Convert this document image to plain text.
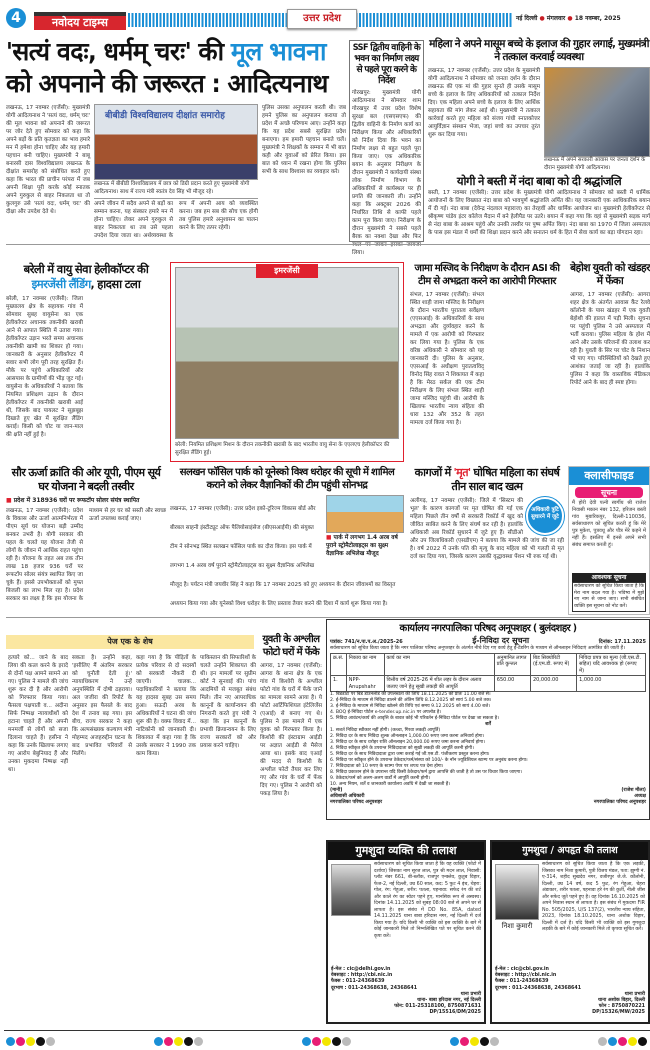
4	नवोदय टाइम्स	उत्तर प्रदेश	नई दिल्ली ● मंगलवार ● 18 नवम्बर, 2025
'सत्यं वदः, धर्मम् चरः' की मूल भावना
को अपनाने की जरूरत : आदित्यनाथ
लखनऊ, 17 नवम्बर (एजेंसी): मुख्यमंत्री योगी आदित्यनाथ ने 'सत्यं वदः, धर्मम् चरः' की मूल भावना को अपनाने की जरूरत पर जोर देते हुए सोमवार को कहा कि अपने बड़ों के प्रति कृतज्ञता का भाव हमारे मन में हमेशा होना चाहिए और यह हमारी पहचान बनी चाहिए। मुख्यमंत्री ने बाबू बनारसी दास विश्वविद्यालय लखनऊ के दीक्षांत समारोह को संबोधित करते हुए कहा कि भारत की प्राचीन परंपरा में जब अपनी शिक्षा पूरी करके कोई स्नातक अपने गुरुकुल से बाहर निकलता था तो कुलगुरु उसे 'सत्यं वदः, धर्मम् चरः' की दीक्षा और उपदेश देते थे।
बीबीडी विश्वविद्यालय दीक्षांत समारोह
लखनऊ में बीबीडी विश्वविद्यालय में छात्र को डिग्री प्रदान करते हुए मुख्यमंत्री योगी आदित्यनाथ। साथ में राज्य मंत्री स्वतंत्र देव सिंह भी मौजूद रहे।
अपने जीवन में सदैव अपने से बड़ों का सम्मान करना, यह संस्कार हमारे मन में होना चाहिए। लेकर अपने गुरुकुल से बाहर निकलता था तब उसे पहला उपदेश दिया जाता था। अर्थव्यवस्था के रूप में अपनी आय को व्यवस्थित करना। जब हम सब की सोच एक होगी तब पुलिस हमारे अनुशासन का पालन करने के लिए तत्पर रहेगी।
पुलिस उसका अनुपालन करती थी। जब हमने पुलिस का अनुपालन कराया तो प्रदेश में अच्छे परिणाम आए। उन्होंने कहा कि यह प्रदेश सबसे सुरक्षित प्रदेश बनाएगा। हम हमारी पहचान बनाते चलें। मुख्यमंत्री ने शिक्षकों के सम्मान में भी बात कही और युवाओं को प्रेरित किया। इस बात को ध्यान में रखना होगा कि पुलिस सभी के साथ विश्वास का व्यवहार करे।
SSF द्वितीय वाहिनी के भवन का निर्माण लक्ष्य से पहले पूरा करने के निर्देश
गोरखपुर: मुख्यमंत्री योगी आदित्यनाथ ने सोमवार शाम गोरखपुर में उत्तर प्रदेश विशेष सुरक्षा बल (एसएसएफ) की द्वितीय वाहिनी के निर्माण कार्य का निरीक्षण किया और अधिकारियों को निर्देश दिया कि भवन का निर्माण लक्ष्य से बहुत पहले पूरा किया जाए। एक अधिकारिक बयान के अनुसार निरीक्षण के दौरान मुख्यमंत्री ने कार्यदायी संस्था लोक निर्माण विभाग के अधिकारियों से कार्यस्थल पर ही प्रगति की जानकारी ली। उन्होंने कहा कि अक्टूबर 2026 की निर्धारित तिथि से काफी पहले काम पूरा किया जाए। निरीक्षण के दौरान मुख्यमंत्री ने सबसे पहले बैरक का नक्शा देखा और फिर स्थल पर जाकर इसका जायजा लिया।
महिला ने अपने मासूम बच्चे के इलाज की गुहार लगाई, मुख्यमंत्री ने तत्काल करवाई व्यवस्था
लखनऊ, 17 नवम्बर (एजेंसी): उत्तर प्रदेश के मुख्यमंत्री योगी आदित्यनाथ ने सोमवार को जनता दर्शन के दौरान लखनऊ की एक मां की गुहार सुनते ही उसके मासूम बच्चे के इलाज के लिए अधिकारियों को तत्काल निर्देश दिए। एक महिला अपने बच्चे के इलाज के लिए आर्थिक सहायता की मांग लेकर आई थी। मुख्यमंत्री ने तत्काल कार्रवाई करते हुए महिला को संजय गांधी स्नातकोत्तर आयुर्विज्ञान संस्थान भेजा, जहां बच्चे का उपचार तुरंत शुरू कर दिया गया।
लखनऊ में अपने सरकारी आवास पर जनता दर्शन के दौरान मुख्यमंत्री योगी आदित्यनाथ।
योगी ने बस्ती में नंदा बाबा को दी श्रद्धांजलि
बस्ती, 17 नवम्बर (एजेंसी): उत्तर प्रदेश के मुख्यमंत्री योगी आदित्यनाथ ने सोमवार को बस्ती में धार्मिक आयोजनों के लिए विख्यात नंदा बाबा को भावपूर्ण श्रद्धांजलि अर्पित की। यह जानकारी एक आधिकारिक बयान में दी गई। नंदा बाबा (देवेन्द्र नंदलाल महाराज) का तेरहवीं और धार्मिक आयोजन था। मुख्यमंत्री हेलीकॉप्टर से श्रीकृष्ण पांडेय इंटर कॉलेज मैदान में बने हेलीपैड पर उतरे। बयान में कहा गया कि वहां से मुख्यमंत्री सड़क मार्ग से नंदा बाबा के आश्रम पहुंचे और उनकी तस्वीर पर पुष्प अर्पित किए। नंदा बाबा का 1970 में जिला अस्पताल के पास इस मंडल में धर्मों की शिक्षा प्रदान करने और सनातन धर्म के हित में सेवा कार्य का बड़ा योगदान रहा।
बरेली में वायु सेवा हेलीकॉप्टर की
इमरजेंसी लैंडिंग, हादसा टला
बरेली, 17 नवम्बर (एजेंसी): जिला मुख्यालय क्षेत्र के सहायक गांव में सोमवार सुबह वायुसेना का एक हेलीकॉप्टर अचानक तकनीकी खराबी आने से आपात स्थिति में उतारा गया। हेलीकॉप्टर उड़ान भरते समय अचानक तकनीकी खामी का शिकार हो गया। जानकारी के अनुसार हेलीकॉप्टर में सवार सभी लोग पूरी तरह सुरक्षित हैं। मौके पर पहुंचे अधिकारियों और आसपास के ग्रामीणों की भीड़ जुट गई। वायुसेना के अधिकारियों ने बताया कि नियमित प्रशिक्षण उड़ान के दौरान हेलीकॉप्टर में तकनीकी खराबी आई थी, जिसके बाद पायलट ने सूझबूझ दिखाते हुए खेत में सुरक्षित लैंडिंग कराई। किसी को चोट या जान-माल की क्षति नहीं हुई है।
इमरजेंसी
बरेली: नियमित प्रशिक्षण मिशन के दौरान तकनीकी खराबी के बाद भारतीय वायु सेना के एएलएच हेलीकॉप्टर की सुरक्षित लैंडिंग हुई।
जामा मस्जिद के निरीक्षण के दौरान ASI की टीम से अभद्रता करने का आरोपी गिरफ्तार
संभल, 17 नवम्बर (एजेंसी): संभल स्थित शाही जामा मस्जिद के निरीक्षण के दौरान भारतीय पुरातत्व सर्वेक्षण (एएसआई) के अधिकारियों के साथ अभद्रता और दुर्व्यवहार करने के मामले में एक आरोपी को गिरफ्तार कर लिया गया है। पुलिस के एक वरिष्ठ अधिकारी ने सोमवार को यह जानकारी दी। पुलिस के अनुसार, एएसआई के अधीक्षण पुरातत्वविद् विनोद सिंह रावत ने शिकायत में कहा है कि मेरठ सर्कल की एक टीम निरीक्षण के लिए संभल स्थित शाही जामा मस्जिद पहुंची थी। आरोपी के खिलाफ भारतीय न्याय संहिता की धारा 132 और 352 के तहत मामला दर्ज किया गया है।
बेहोश युवती को खंडहर में फेंका
आगरा, 17 नवम्बर (एजेंसी): आगरा शहर क्षेत्र के अंतर्गत आवास कैंट रेलवे कॉलोनी के पास खंडहर में एक युवती बेहोशी की हालत में पड़ी मिली। सूचना पर पहुंची पुलिस ने उसे अस्पताल में भर्ती कराया। पुलिस महिला के होश में आने और उसके परिजनों की तलाश कर रही है। युवती के सिर पर चोट के निशान भी पाए गए। परिस्थितियों को देखते हुए आशंका जताई जा रही है। हालांकि पुलिस ने कहा कि वास्तविक मेडिकल रिपोर्ट आने के बाद ही स्पष्ट होगा।
सौर ऊर्जा क्रांति की ओर यूपी, पीएम सूर्य घर योजना ने बदली तस्वीर
■ प्रदेश में 318936 घरों पर रूफटॉप सोलर संयंत्र स्थापित
लखनऊ, 17 नवम्बर (एजेंसी): प्रदेश के विकास और ऊर्जा आत्मनिर्भरता में पीएम सूर्य घर योजना बड़ी उम्मीद बनकर उभरी है। योगी सरकार की पहल के चलते यह योजना तेजी से लोगों के जीवन में आर्थिक राहत पहुंचा रही है। योजना के तहत अब तक तीन लाख 18 हजार 936 घरों पर रूफटॉप सोलर संयंत्र स्थापित किए जा चुके हैं। इससे उपभोक्ताओं को मुफ्त बिजली का लाभ मिल रहा है। प्रदेश सरकार का लक्ष्य है कि इस योजना के माध्यम से हर घर को सस्ती और स्वच्छ ऊर्जा उपलब्ध कराई जाए।
सलखन फॉसिल पार्क को यूनेस्को विश्व धरोहर की सूची में शामिल कराने को लेकर वैज्ञानिकों की टीम पहुंची सोनभद्र
■ पार्क में लगभग 1.4 अरब वर्ष पुराने स्ट्रोमैटोलाइट्स का सुक्ष्म वैज्ञानिक अभिलेख मौजूद
लखनऊ, 17 नवम्बर (एजेंसी): उत्तर प्रदेश इको-टूरिज्म विकास बोर्ड और बीरबल साहनी इंस्टीट्यूट ऑफ पैलियोसाइंसेज (बीएसआईपी) की संयुक्त टीम ने सोनभद्र स्थित सलखन फॉसिल पार्क का दौरा किया। इस पार्क में लगभग 1.4 अरब वर्ष पुराने स्ट्रोमैटोलाइट्स का सुक्ष्म वैज्ञानिक अभिलेख मौजूद है। पर्यटन मंत्री जयवीर सिंह ने कहा कि 17 नवम्बर 2025 को हुए अध्ययन के दौरान जीवाश्मों का विस्तृत अध्ययन किया गया और यूनेस्को विश्व धरोहर के लिए प्रस्ताव तैयार करने की दिशा में कार्य शुरू किया गया है।
कागजों में 'मृत' घोषित महिला का संघर्ष तीन साल बाद खत्म
अधिकारी त्रुटि सुधारने में जुटे
अलीगढ़, 17 नवम्बर (एजेंसी): जिले में 'सिस्टम की भूल' के कारण कागजों पर मृत घोषित की गई एक महिला पिछले तीन वर्षों से सरकारी रिकॉर्ड में खुद को जीवित साबित करने के लिए संघर्ष कर रही है। हालांकि अधिकारी अब रिकॉर्ड सुधारने में जुटे हुए हैं। सीडीओ और उप जिलाधिकारी (एसडीएम) ने बताया कि मामले की जांच की जा रही है। वर्ष 2022 में उनके पति की मृत्यु के बाद महिला को भी गलती से मृत दर्ज कर दिया गया, जिसके कारण उसकी वृद्धावस्था पेंशन भी रुक गई थी।
क्लासीफाइड
सूचना
मैं होरी देवी पत्नी स्वर्गीय श्री राजेश निवासी मकान नंबर 132, हरिजन बस्ती गांव मुबारिकपुर, दिल्ली-110036, सर्वसाधारण को सूचित करती हूं कि मेरे पुत्र मुकेश, पुत्रवधू और पौत्र मेरे कहने में नहीं हैं। इसलिए मैं इनसे अपने सभी संबंध समाप्त करती हूं।
आवश्यक सूचना
सर्वसाधारण को सूचित किया जाता है कि मेरा नाम बदल गया है। भविष्य में मुझे नए नाम से जाना जाए। सभी संबंधित व्यक्ति इस सूचना को नोट करें।
पेज एक के शेष
हत्यारे को... जाने के बाद लिया की कत्ल करने के इरादे से दोनों पक्ष आमने सामने आ गए। पुलिस ने मामले की जांच शुरू कर दी है और आरोपी को गिरफ्तार किया गया। फैसला पक्षपाती व... अदीना सिर्फ निष्पक्ष न्यायाधीशों को हटाना चाहते हैं और अपनी मनमर्जी से लोगों को सजा दिलाना चाहते हैं। हसीना ने कहा कि उनके खिलाफ लगाए गए आरोप बेबुनियाद हैं और उनका मुकदमा निष्पक्ष नहीं था।
सकता है। उन्होंने कहा, 'इसीलिए मैं अंतरिम सरकार को चुनौती देती हूं।' न्यायाधिकरण ने उन्हें अनुपस्थिति में दोषी ठहराया। अल जजीरा की रिपोर्ट के अनुसार इस फैसले के बाद देश में तनाव बढ़ गया। इस बीच, राज्य सरकार ने कहा कि अल्पसंख्यक कल्याण मंत्री मोहम्मद अजहरुद्दीन घटना के बाद प्रभावित परिवारों से मिलेंगे।
कहा गया है कि पीड़ितों के प्रत्येक परिवार से दो सदस्यों को सरकारी नौकरी दी जाएगी। चालक... पदाधिकारियों ने बताया कि यह हादसा सुबह उस समय हुआ। सऊदी अरब के अधिकारियों ने घटना की जांच शुरू की है। वक्फ विवाद में... नाटिकोनी को जानकारी दी। शिकायत में कहा गया है कि उसके सरकार ने 1990 तक काम किया।
पाकिस्तान की सिफारिशों के चलते उन्होंने शिकायत की थी। इन मामलों पर सुप्रीम कोर्ट ने सुनवाई की। पांच आदमियों से मजबूत संबंध मिले। तीन नए आपराधिक कानूनों के कार्यान्वयन की निगरानी करते हुए मंत्री ने कहा कि इन कानूनों के प्रभावी क्रियान्वयन के लिए राज्य सरकारों को और प्रयास करने चाहिए।
युवती के अश्लील फोटो घरों में फेंके
आगरा, 17 नवम्बर (एजेंसी): आगरा के थाना क्षेत्र के एक गांव में किशोरी के अश्लील फोटो गांव के घरों में फेंके जाने का मामला सामने आया है। ये फोटो आर्टिफिशियल इंटेलिजेंस (एआई) से बनाए गए थे। पुलिस ने इस मामले में एक युवक को गिरफ्तार किया है। किशोरी की इंस्टाग्राम आईडी पर अज्ञात आईडी से मैसेज आया था। इसके बाद एआई की मदद से किशोरी के अश्लील फोटो तैयार कर लिए गए और गांव के घरों में फेंक दिए गए। पुलिस ने आरोपी को पकड़ लिया है।
कार्यालय नगरपालिका परिषद अनूपशहर ( बुलंदशहर )
पत्रांक: 741/न.पा.प.अ./2025-26	ई-निविदा दर सूचना	दिनांक: 17.11.2025
सर्वसाधारण को सूचित किया जाता है कि नगर पालिका परिषद अनूपशहर के अंतर्गत नीचे दिए गए कार्य हेतु ई-टेंडरिंग के माध्यम से ऑनलाइन निविदाएं आमंत्रित की जाती हैं।
क्र.सं.	निकाय का नाम	कार्य का नाम	अनुमानित लागत प्रति कुन्तल	बिड सिक्योरिटी (ई.एम.डी. रूपए में)	निविदा प्रपत्र का मूल्य (जी.एस.टी. सहित) यदि आवश्यक हो (रूपए में)
1.	NPP-Anupshahr	वित्तीय वर्ष 2025-26 में शीत लहर के दौरान अलाव जलाए जाने हेतु सूखी लकड़ी की आपूर्ति	650.00	20,000.00	1,000.00
1. बिडडाटा पर बिड डाउनलोड की उपलब्धता की तिथि 18.11.2025 को प्रातः 11.00 बजे से।
2. ई-निविदा के माध्यम से निविदा डालने की अंतिम तिथि 8.12.2025 को सायं 5.00 बजे तक।
3. ई-निविदा के माध्यम से निविदा खोलने की तिथि एवं समय 9.12.2025 को सायं 4.00 बजे।
4. BOQ ई-निविदा पोर्टल e-tender.up.nic.in पर अपलोड है।
5. निविदा आवंटन/कार्य की आवृत्ति के बावत कोई भी परिवर्तन ई-निविदा पोर्टल पर देखा जा सकता है।
शर्तें
1. सशर्त निविदा स्वीकार नहीं होगी। (कच्चा, गिरवा लकड़ी आपूर्ति)
2. निविदा दर के साथ निविदा शुल्क ऑनलाइन 1,000.00 रूपए जमा करना अनिवार्य होगा।
3. निविदा दर के साथ धरोहर राशि ऑनलाइन 20,000.00 रूपए जमा करना अनिवार्य होगा।
4. निविदा स्वीकृत होने के उपरान्त निविदादाता को सूखी लकड़ी की आपूर्ति करनी होगी।
5. निविदा दर के साथ निविदादाता द्वारा जमा कराई गई जी.एस.टी. पंजीकरण प्रस्तुत करना होगा।
6. निविदा पर स्वीकृत होने के उपरान्त ठेकेदार/फर्म/संस्था को 100/- के नॉन ज्यूडिशियल स्टाम्प पर अनुबंध करना होगा।
7. निविदादाता को 10 रूपए के स्टाम्प पेपर पर शपथ पत्र देना होगा।
8. निविदा प्रकाशन होने के उपरान्त यदि किसी ठेकेदार/फर्म द्वारा आपत्ति की जाती है तो उस पर विचार किया जाएगा।
9. ठेकेदार/फर्म को अलग-अलग वार्डों में आपूर्ति करनी होगी।
10. अन्य नियम, शर्तें व जानकारी कार्यालय अवधि में देखी जा सकती हैं।
(मानी)
अधिशासी अधिकारी
नगरपालिका परिषद अनूपशहर
(राजेश मौला)
अध्यक्ष
नगरपालिका परिषद अनूपशहर
गुमशुदा व्यक्ति की तलाश
सर्वसाधारण को सूचित किया जाता है कि यह व्यक्ति (फोटो में दर्शाया) जिसका नाम सूरज लाल, पुत्र श्री मदन लाल, निवासी: प्लॉट नंबर 661, बी-ब्लॉक, राजपुर एन्क्लेव, कुतुब विहार, फेज-2, नई दिल्ली, उम्र 60 साल, कद: 5 फुट 4 इंच, चेहरा: गोल, रंग: गेहुआ, शरीर: पतला, पहनावा: सफेद रंग की शर्ट और काले रंग का स्वेटर पहने हुए, मानसिक रूप से अस्वस्थ। दिनांक 14.11.2025 को सुबह 08:00 बजे से अपने घर से लापता है। इस संबंध में DD No. 85A, dated 14.11.2025 थाना बाबा हरिदास नगर, नई दिल्ली में दर्ज किया गया है। यदि किसी भी व्यक्ति को इस व्यक्ति के बारे में कोई जानकारी मिले तो निम्नलिखित पते पर सूचित करने की कृपा करें।
ई-मेल : cic@delhi.gov.in
वेबसाइट : http://cbi.nic.in
फैक्स : 011-24368639
दूरभाष : 011-24368638, 24368641
थाना प्रभारी
थाना- बाबा हरिदास नगर, नई दिल्ली
फोन: 011-25318100, 8750871631
DP/15516/DM/2025
गुमशुदा / अपहृत की तलाश
निशा कुमारी
सर्वसाधारण को सूचित किया जाता है कि एक लड़की, जिसका नाम निशा कुमारी, पुत्री विजय मंडल, पता: झुग्गी नं. ए-314, शहीद सुखदेव नगर, वजीरपुर जे.जे. कॉलोनी, दिल्ली, उम्र 14 वर्ष, कद 5 फुट, रंग गेहुआ, चेहरा अंडाकार, शरीर पतला, पहनावा हरे रंग की कुर्ती, नीली जींस और सफेद जूते पहने हुए है। वह दिनांक 16.10.2025 को अपने निवास स्थान से लापता है। इस संबंध में मुकदमा FIR No. 505/2025, U/S 137(2), भारतीय न्याय संहिता, 2023, दिनांक 18.10.2025, थाना अशोक विहार, दिल्ली में दर्ज है। यदि किसी भी व्यक्ति को इस गुमशुदा लड़की के बारे में कोई जानकारी मिले तो कृपया सूचित करें।
ई-मेल : cic@cbi.gov.in
वेबसाइट : http://cbi.nic.in
फैक्स : 011-24368639
दूरभाष : 011-24368638, 24368641
थाना प्रभारी
थाना अशोक विहार, दिल्ली
फोन : 8750870221
DP/15326/MW/2025
